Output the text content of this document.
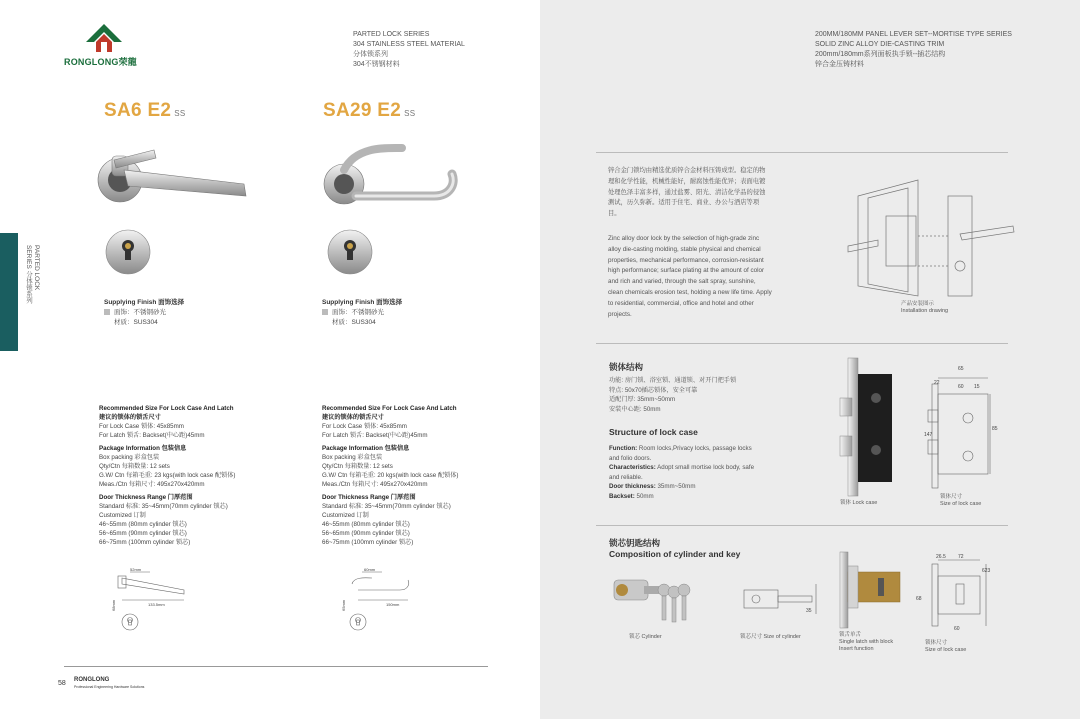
RONGLONG荣龍
PARTED LOCK SERIES
304 STAINLESS STEEL MATERIAL
分体锁系列
304不锈钢材料
PARTED LOCK SERIES 分体锁系列
SA6 E2 SS
Supplying Finish 面饰选择
面饰：不锈钢砂光
材质：SUS304
Recommended Size For Lock Case And Latch
建议的锁体的锁舌尺寸
For Lock Case 锁体: 45x85mm
For Latch 锁舌: Backset(中心距)45mm
Package Information 包装信息
Box packing 彩盒包装
Qty/Ctn 每箱数量: 12 sets
G.W/ Ctn 每箱毛重: 23 kgs(with lock case 配锁体)
Meas./Ctn 每箱尺寸: 495x270x420mm
Door Thickness Range 门厚范围
Standard 标准: 35~45mm(70mm cylinder 锁芯)
Customized 订制
46~55mm (80mm cylinder 锁芯)
56~65mm (90mm cylinder 锁芯)
66~75mm (100mm cylinder 锁芯)
52mm
133.5mm
68mm
SA29 E2 SS
Supplying Finish 面饰选择
面饰：不锈钢砂光
材质：SUS304
Recommended Size For Lock Case And Latch
建议的锁体的锁舌尺寸
For Lock Case 锁体: 45x85mm
For Latch 锁舌: Backset(中心距)45mm
Package Information 包装信息
Box packing 彩盒包装
Qty/Ctn 每箱数量: 12 sets
G.W/ Ctn 每箱毛重: 20 kgs(with lock case 配锁体)
Meas./Ctn 每箱尺寸: 495x270x420mm
Door Thickness Range 门厚范围
Standard 标准: 35~45mm(70mm cylinder 锁芯)
Customized 订制
46~55mm (80mm cylinder 锁芯)
56~65mm (90mm cylinder 锁芯)
66~75mm (100mm cylinder 锁芯)
60mm
150mm
65mm
58 RONGLONG
Professional Engineering Hardware Solutions
200MM/180MM PANEL LEVER SET--MORTISE TYPE SERIES
SOLID ZINC ALLOY DIE-CASTING TRIM
200mm/180mm系列面板执手锁--插芯结构
锌合金压铸材料
锌合金门锁均由精选优质锌合金材料压铸成型。稳定的物理和化学性能，机械性能好，耐腐蚀性能优异；表面电镀处理色泽丰富多样，通过盐雾、阳光、清洁化学品的侵蚀测试，历久弥新。适用于住宅、商业、办公与酒店等项目。
Zinc alloy door lock by the selection of high-grade zinc alloy die-casting molding, stable physical and chemical properties, mechanical performance, corrosion-resistant high performance; surface plating at the amount of color and rich and varied, through the salt spray, sunshine, clean chemicals erosion test, holding a new life time. Apply to residential, commercial, office and hotel and other projects.
产品安装图示
Installation drawing
锁体结构
功能: 房门锁、浴室锁、通道锁、对开门把手锁
特点: 50x70插芯锁体，安全可靠
适配门厚: 35mm~50mm
安装中心距: 50mm
Structure of lock case
Function: Room locks,Privacy locks, passage locks and folio doors.
Characteristics: Adopt small mortise lock body, safe and reliable.
Door thickness: 35mm~50mm
Backset: 50mm
锁体 Lock case
65
22
60 15
147
85
锁体尺寸
Size of lock case
锁芯钥匙结构
Composition of cylinder and key
锁芯 Cylinder
35
锁芯尺寸 Size of cylinder	锁舌单舌
Single latch with block
Insert function
26.5 72
68
60
623
锁体尺寸
Size of lock case
